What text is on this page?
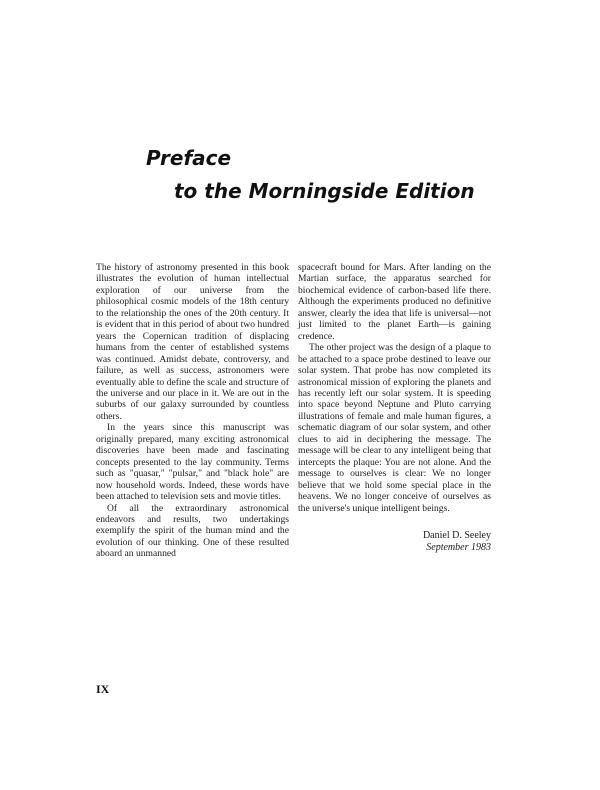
Preface
to the Morningside Edition

The history of astronomy presented in this book illustrates the evolution of human intellectual exploration of our universe from the philosophical cosmic models of the 18th century to the relationship the ones of the 20th century. It is evident that in this period of about two hundred years the Copernican tradition of displacing humans from the center of established systems was continued. Amidst debate, controversy, and failure, as well as success, astronomers were eventually able to define the scale and structure of the universe and our place in it. We are out in the suburbs of our galaxy surrounded by countless others.

In the years since this manuscript was originally prepared, many exciting astronomical discoveries have been made and fascinating concepts presented to the lay community. Terms such as "quasar," "pulsar," and "black hole" are now household words. Indeed, these words have been attached to television sets and movie titles.

Of all the extraordinary astronomical endeavors and results, two undertakings exemplify the spirit of the human mind and the evolution of our thinking. One of these resulted aboard an unmanned

spacecraft bound for Mars. After landing on the Martian surface, the apparatus searched for biochemical evidence of carbon-based life there. Although the experiments produced no definitive answer, clearly the idea that life is universal—not just limited to the planet Earth—is gaining credence.

The other project was the design of a plaque to be attached to a space probe destined to leave our solar system. That probe has now completed its astronomical mission of exploring the planets and has recently left our solar system. It is speeding into space beyond Neptune and Pluto carrying illustrations of female and male human figures, a schematic diagram of our solar system, and other clues to aid in deciphering the message. The message will be clear to any intelligent being that intercepts the plaque: You are not alone. And the message to ourselves is clear: We no longer believe that we hold some special place in the heavens. We no longer conceive of ourselves as the universe's unique intelligent beings.

Daniel D. Seeley
September 1983
IX
